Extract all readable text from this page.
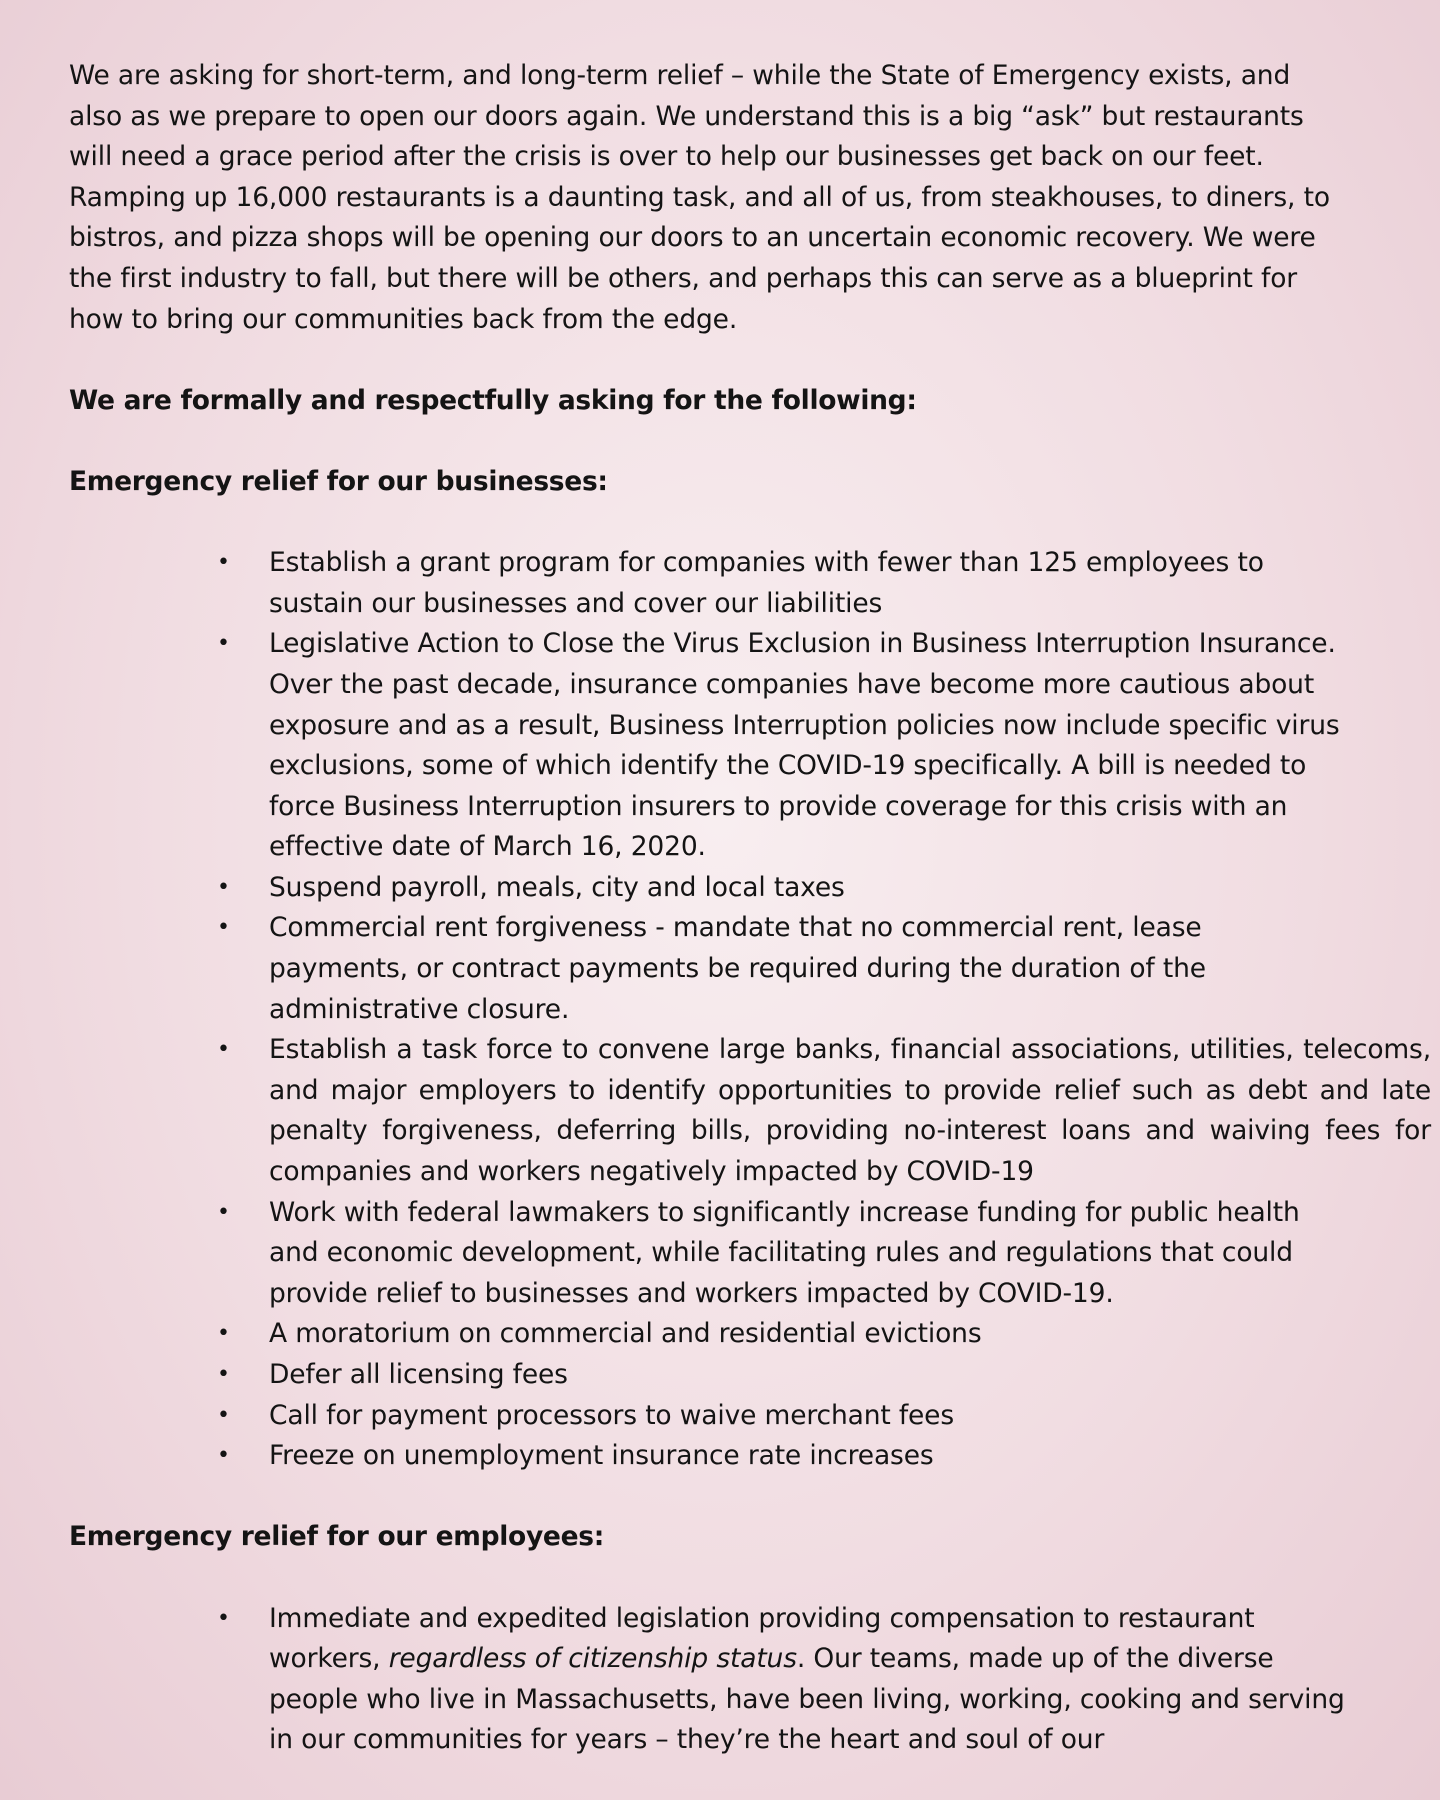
We are asking for short-term, and long-term relief – while the State of Emergency exists, and
also as we prepare to open our doors again. We understand this is a big “ask” but restaurants
will need a grace period after the crisis is over to help our businesses get back on our feet.
Ramping up 16,000 restaurants is a daunting task, and all of us, from steakhouses, to diners, to
bistros, and pizza shops will be opening our doors to an uncertain economic recovery. We were
the first industry to fall, but there will be others, and perhaps this can serve as a blueprint for
how to bring our communities back from the edge.

We are formally and respectfully asking for the following:

Emergency relief for our businesses:

• Establish a grant program for companies with fewer than 125 employees to
sustain our businesses and cover our liabilities
• Legislative Action to Close the Virus Exclusion in Business Interruption Insurance.
Over the past decade, insurance companies have become more cautious about
exposure and as a result, Business Interruption policies now include specific virus
exclusions, some of which identify the COVID-19 specifically. A bill is needed to
force Business Interruption insurers to provide coverage for this crisis with an
effective date of March 16, 2020.
• Suspend payroll, meals, city and local taxes
• Commercial rent forgiveness - mandate that no commercial rent, lease
payments, or contract payments be required during the duration of the
administrative closure.
• Establish a task force to convene large banks, financial associations, utilities, telecoms,
and major employers to identify opportunities to provide relief such as debt and late
penalty forgiveness, deferring bills, providing no-interest loans and waiving fees for
companies and workers negatively impacted by COVID-19
• Work with federal lawmakers to significantly increase funding for public health
and economic development, while facilitating rules and regulations that could
provide relief to businesses and workers impacted by COVID-19.
• A moratorium on commercial and residential evictions
• Defer all licensing fees
• Call for payment processors to waive merchant fees
• Freeze on unemployment insurance rate increases

Emergency relief for our employees:

• Immediate and expedited legislation providing compensation to restaurant
workers, regardless of citizenship status. Our teams, made up of the diverse
people who live in Massachusetts, have been living, working, cooking and serving
in our communities for years – they’re the heart and soul of our
